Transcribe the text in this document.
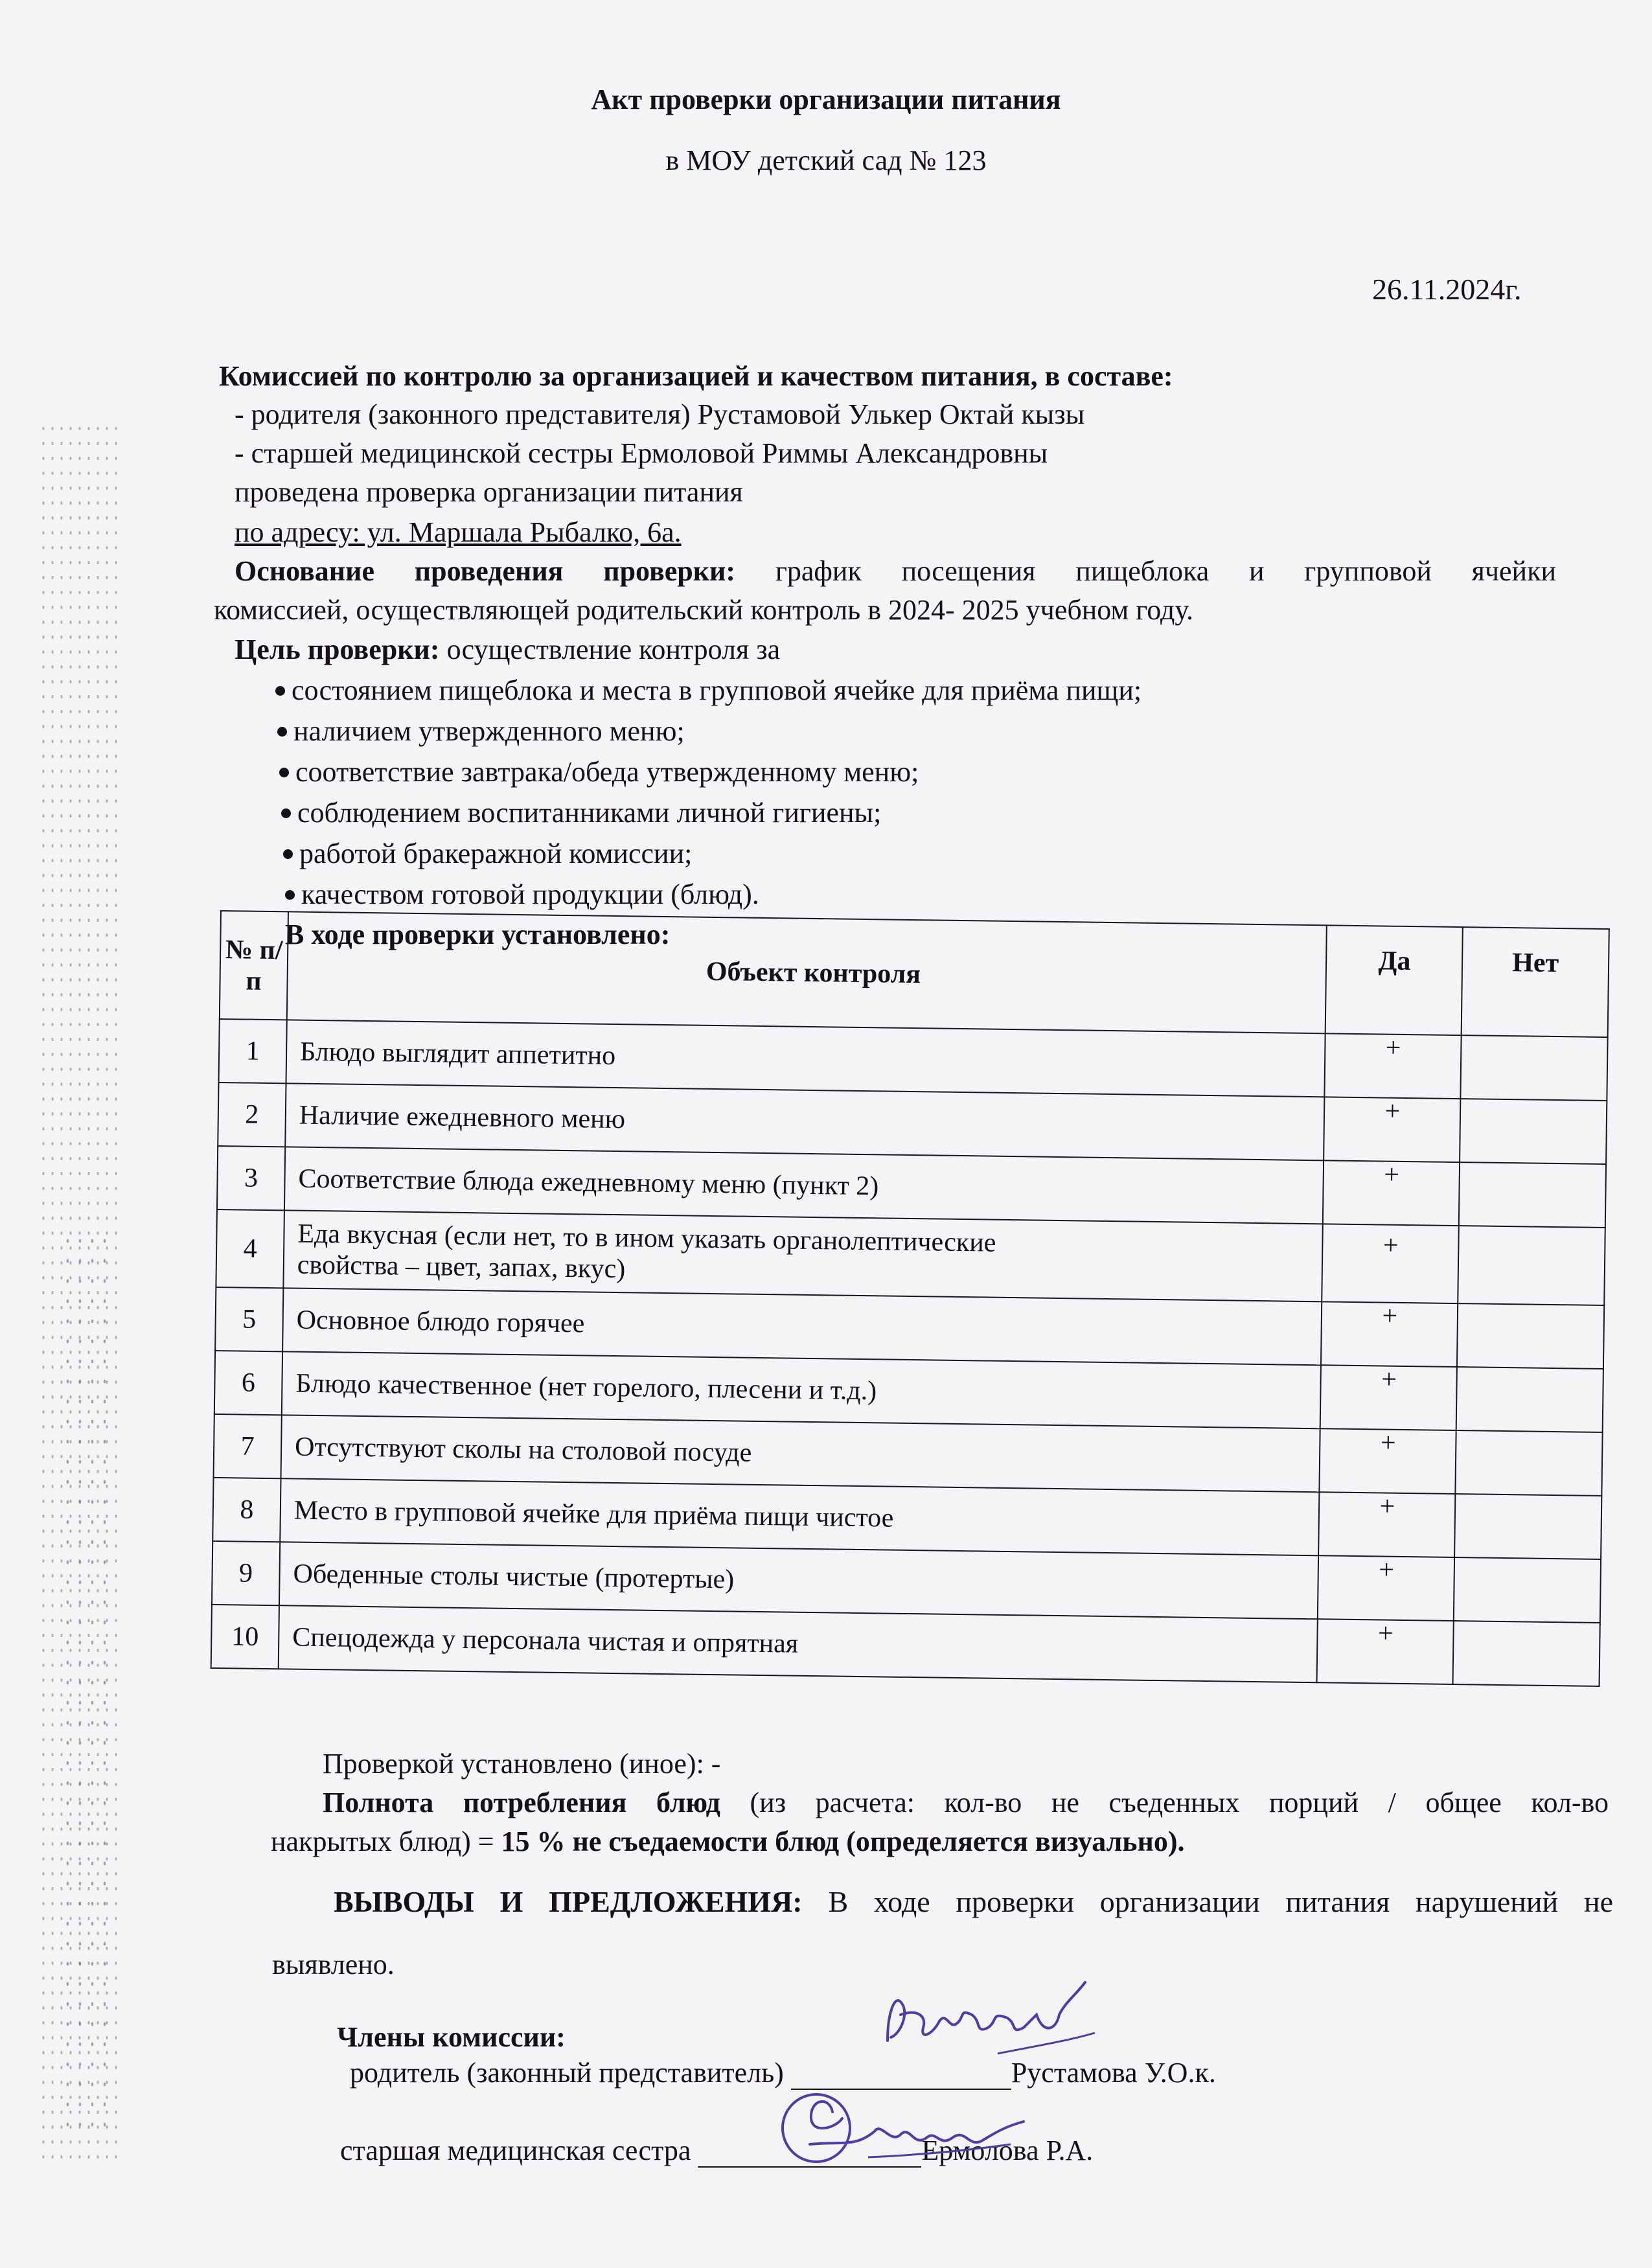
Акт проверки организации питания
в МОУ детский сад № 123
26.11.2024г.
Комиссией по контролю за организацией и качеством питания, в составе:
- родителя (законного представителя) Рустамовой Улькер Октай кызы
- старшей медицинской сестры Ермоловой Риммы Александровны
проведена проверка организации питания
по адресу: ул. Маршала Рыбалко, 6а.
Основание проведения проверки: график посещения пищеблока и групповой ячейки
комиссией, осуществляющей родительский контроль в 2024- 2025 учебном году.
Цель проверки: осуществление контроля за
состоянием пищеблока и места в групповой ячейке для приёма пищи;
наличием утвержденного меню;
соответствие завтрака/обеда утвержденному меню;
соблюдением воспитанниками личной гигиены;
работой бракеражной комиссии;
качеством готовой продукции (блюд).
В ходе проверки установлено:
№ п/п	Объект контроля	Да	Нет
1	Блюдо выглядит аппетитно	+	

2	Наличие ежедневного меню	+	

3	Соответствие блюда ежедневному меню (пункт 2)	+	

4	Еда вкусная (если нет, то в ином указать органолептические
свойства – цвет, запах, вкус)	+	

5	Основное блюдо горячее	+	

6	Блюдо качественное (нет горелого, плесени и т.д.)	+	

7	Отсутствуют сколы на столовой посуде	+	

8	Место в групповой ячейке для приёма пищи чистое	+	

9	Обеденные столы чистые (протертые)	+	

10	Спецодежда у персонала чистая и опрятная	+	

Проверкой установлено (иное): -
Полнота потребления блюд (из расчета: кол-во не съеденных порций / общее кол-во
накрытых блюд) = 15 % не съедаемости блюд (определяется визуально).
ВЫВОДЫ И ПРЕДЛОЖЕНИЯ: В ходе проверки организации питания нарушений не
выявлено.
Члены комиссии:
родитель (законный представитель)	Рустамова У.О.к.
старшая медицинская сестра	Ермолова Р.А.
